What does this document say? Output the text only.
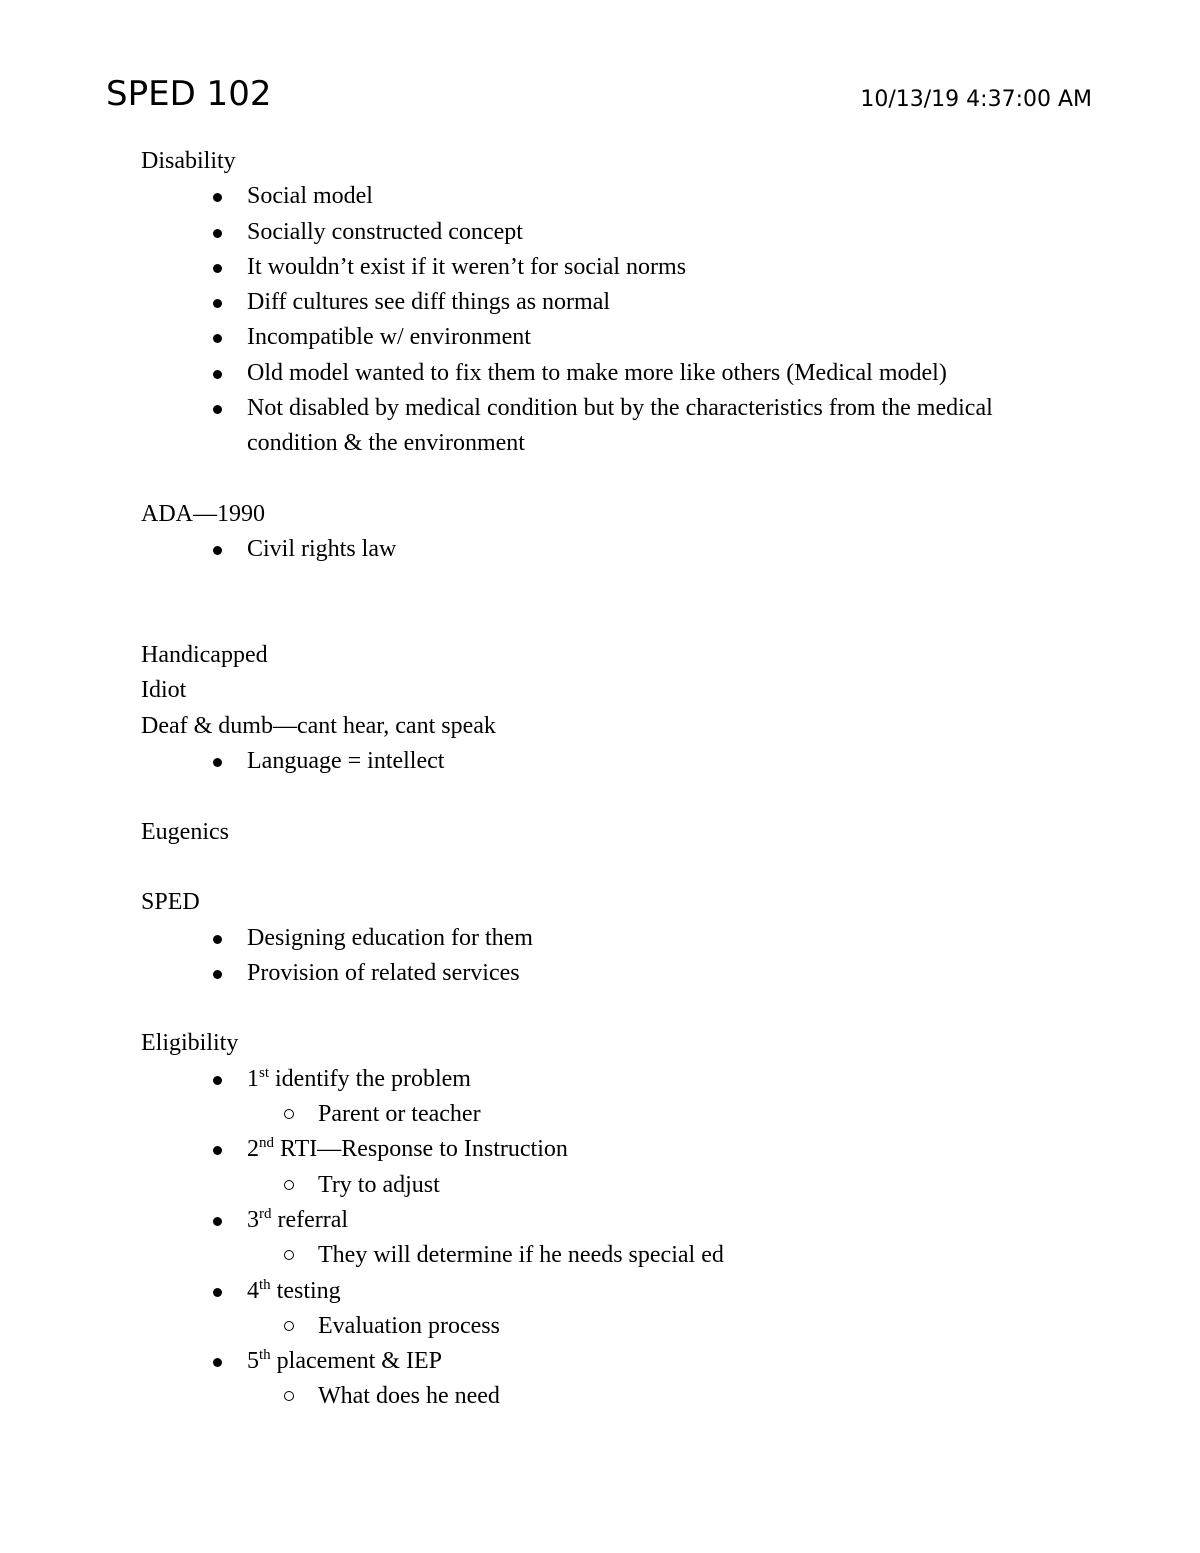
SPED 102	10/13/19 4:37:00 AM

Disability

Social model
Socially constructed concept
It wouldn’t exist if it weren’t for social norms
Diff cultures see diff things as normal
Incompatible w/ environment
Old model wanted to fix them to make more like others (Medical model)
Not disabled by medical condition but by the characteristics from the medical condition & the environment

ADA—1990

Civil rights law

Handicapped

Idiot

Deaf & dumb—cant hear, cant speak

Language = intellect

Eugenics

SPED

Designing education for them
Provision of related services

Eligibility

1st identify the problem
Parent or teacher
2nd RTI—Response to Instruction
Try to adjust
3rd referral
They will determine if he needs special ed
4th testing
Evaluation process
5th placement & IEP
What does he need
